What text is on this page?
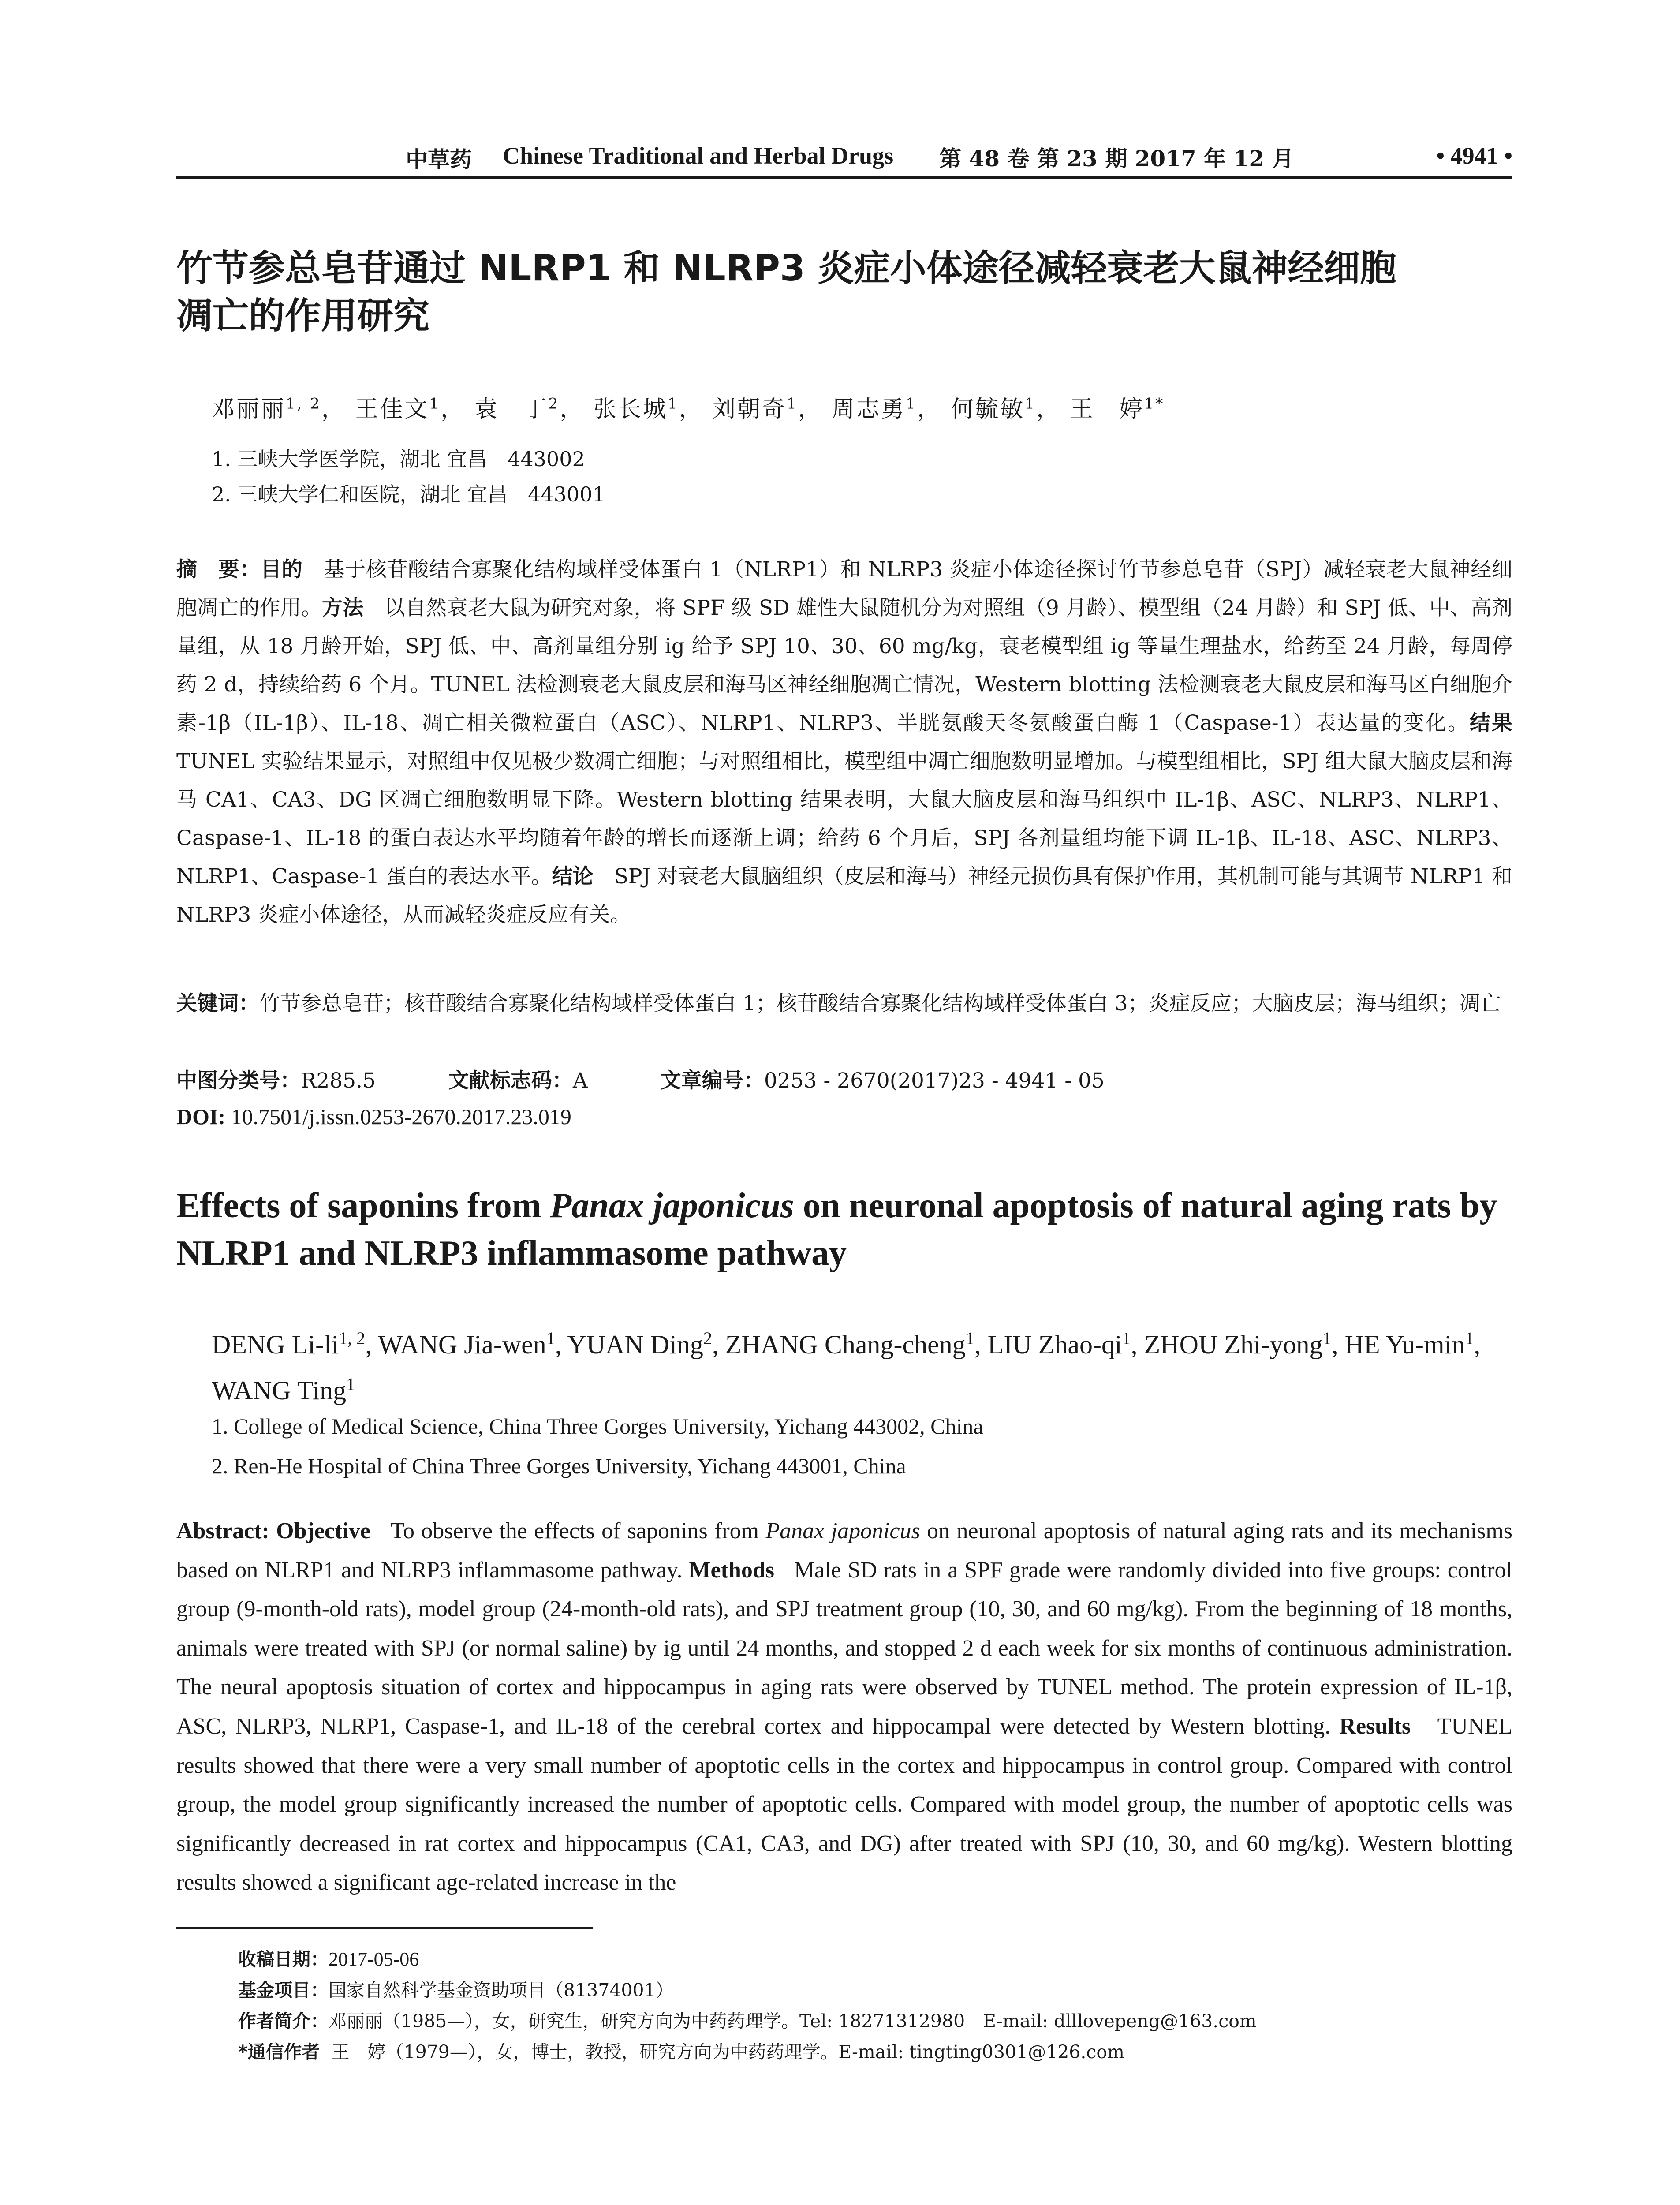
中草药 Chinese Traditional and Herbal Drugs 第 48 卷 第 23 期 2017 年 12 月	• 4941 •
竹节参总皂苷通过 NLRP1 和 NLRP3 炎症小体途径减轻衰老大鼠神经细胞
凋亡的作用研究
邓丽丽$^{1, 2}$， 王佳文$^1$， 袁　丁$^2$， 张长城$^1$， 刘朝奇$^1$， 周志勇$^1$， 何毓敏$^1$， 王　婷$^{1*}$
1. 三峡大学医学院，湖北 宜昌　443002
2. 三峡大学仁和医院，湖北 宜昌　443001
摘　要：目的　 基于核苷酸结合寡聚化结构域样受体蛋白 1（NLRP1）和 NLRP3 炎症小体途径探讨竹节参总皂苷（SPJ）减轻衰老大鼠神经细胞凋亡的作用。方法　 以自然衰老大鼠为研究对象，将 SPF 级 SD 雄性大鼠随机分为对照组（9 月龄）、模型组（24 月龄）和 SPJ 低、中、高剂量组，从 18 月龄开始，SPJ 低、中、高剂量组分别 ig 给予 SPJ 10、30、60 mg/kg，衰老模型组 ig 等量生理盐水，给药至 24 月龄，每周停药 2 d，持续给药 6 个月。TUNEL 法检测衰老大鼠皮层和海马区神经细胞凋亡情况，Western blotting 法检测衰老大鼠皮层和海马区白细胞介素-1β（IL-1β）、IL-18、凋亡相关微粒蛋白（ASC）、NLRP1、NLRP3、半胱氨酸天冬氨酸蛋白酶 1（Caspase-1）表达量的变化。结果　TUNEL 实验结果显示，对照组中仅见极少数凋亡细胞；与对照组相比，模型组中凋亡细胞数明显增加。与模型组相比，SPJ 组大鼠大脑皮层和海马 CA1、CA3、DG 区凋亡细胞数明显下降。Western blotting 结果表明，大鼠大脑皮层和海马组织中 IL-1β、ASC、NLRP3、NLRP1、Caspase-1、IL-18 的蛋白表达水平均随着年龄的增长而逐渐上调；给药 6 个月后，SPJ 各剂量组均能下调 IL-1β、IL-18、ASC、NLRP3、NLRP1、Caspase-1 蛋白的表达水平。结论　 SPJ 对衰老大鼠脑组织（皮层和海马）神经元损伤具有保护作用，其机制可能与其调节 NLRP1 和 NLRP3 炎症小体途径，从而减轻炎症反应有关。
关键词：竹节参总皂苷；核苷酸结合寡聚化结构域样受体蛋白 1；核苷酸结合寡聚化结构域样受体蛋白 3；炎症反应；大脑皮层；海马组织；凋亡
中图分类号：R285.5	文献标志码：A	文章编号：0253 - 2670(2017)23 - 4941 - 05
DOI: 10.7501/j.issn.0253-2670.2017.23.019
Effects of saponins from Panax japonicus on neuronal apoptosis of natural aging rats by NLRP1 and NLRP3 inflammasome pathway
DENG Li-li$^{1, 2}$, WANG Jia-wen$^1$, YUAN Ding$^2$, ZHANG Chang-cheng$^1$, LIU Zhao-$qi^1$, ZHOU Zhi-yong$^1$, HE $Yu-\min^1$, WANG Ting$^1$
1. College of Medical Science, China Three Gorges University, Yichang 443002, China
2. Ren-He Hospital of China Three Gorges University, Yichang 443001, China
Abstract: Objective To observe the effects of saponins from Panax japonicus on neuronal apoptosis of natural aging rats and its mechanisms based on NLRP1 and NLRP3 inflammasome pathway. Methods Male SD rats in a SPF grade were randomly divided into five groups: control group (9-month-old rats), model group (24-month-old rats), and SPJ treatment group (10, 30, and 60 mg/kg). From the beginning of 18 months, animals were treated with SPJ (or normal saline) by ig until 24 months, and stopped 2 d each week for six months of continuous administration. The neural apoptosis situation of cortex and hippocampus in aging rats were observed by TUNEL method. The protein expression of IL-1β, ASC, NLRP3, NLRP1, Caspase-1, and IL-18 of the cerebral cortex and hippocampal were detected by Western blotting. Results TUNEL results showed that there were a very small number of apoptotic cells in the cortex and hippocampus in control group. Compared with control group, the model group significantly increased the number of apoptotic cells. Compared with model group, the number of apoptotic cells was significantly decreased in rat cortex and hippocampus (CA1, CA3, and DG) after treated with SPJ (10, 30, and 60 mg/kg). Western blotting results showed a significant age-related increase in the
收稿日期：2017-05-06
基金项目：国家自然科学基金资助项目（81374001）
作者简介：邓丽丽（1985—），女，研究生，研究方向为中药药理学。Tel: 18271312980　E-mail: dlllovepeng@163.com
*通信作者 王　婷（1979—），女，博士，教授，研究方向为中药药理学。E-mail: tingting0301@126.com
